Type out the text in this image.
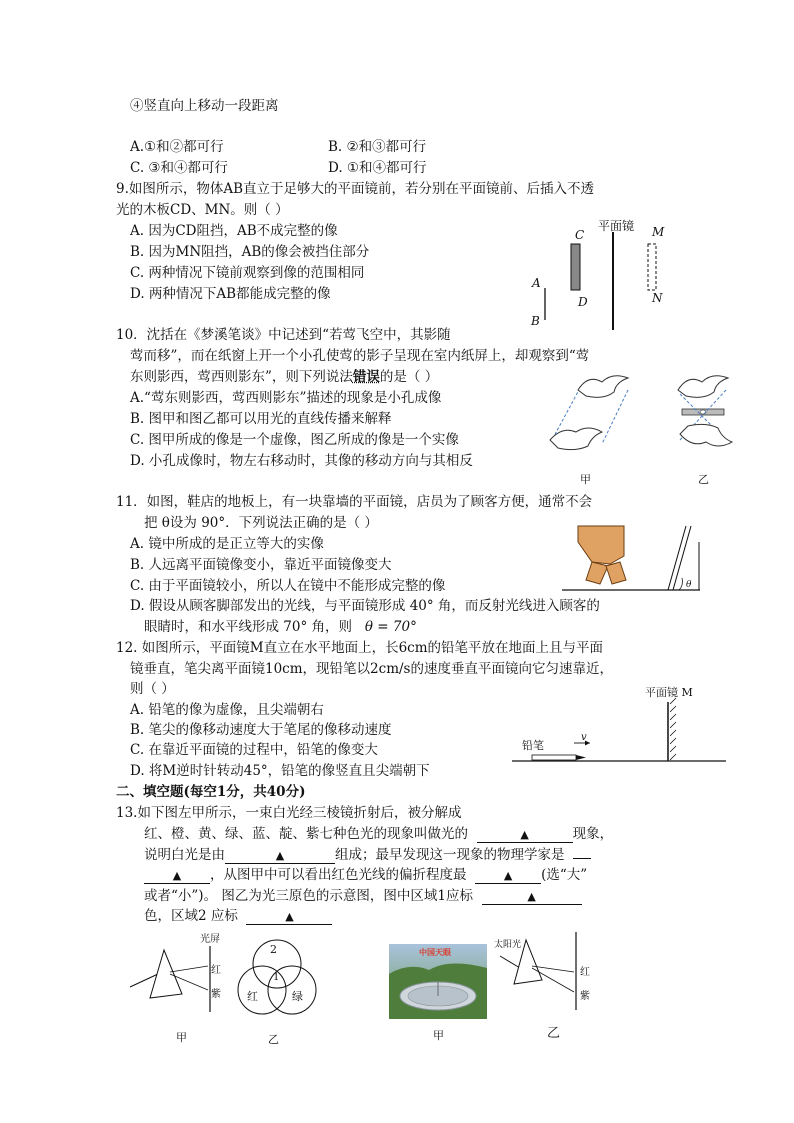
④竖直向上移动一段距离
A.①和②都可行	B. ②和③都可行
C. ③和④都可行	D. ①和④都可行
9.如图所示，物体AB直立于足够大的平面镜前，若分别在平面镜前、后插入不透
光的木板CD、MN。则（ ）
A. 因为CD阻挡，AB不成完整的像
B. 因为MN阻挡，AB的像会被挡住部分
C. 两种情况下镜前观察到像的范围相同
D. 两种情况下AB都能成完整的像
A
B
C
D
平面镜 M
N
10．沈括在《梦溪笔谈》中记述到“若莺飞空中，其影随
莺而移”，而在纸窗上开一个小孔使莺的影子呈现在室内纸屏上，却观察到“莺
东则影西，莺西则影东”，则下列说法错误的是（ ）
A.“莺东则影西，莺西则影东”描述的现象是小孔成像
B. 图甲和图乙都可以用光的直线传播来解释
C. 图甲所成的像是一个虚像，图乙所成的像是一个实像
D. 小孔成像时，物左右移动时，其像的移动方向与其相反
甲	乙
11．如图，鞋店的地板上，有一块靠墙的平面镜，店员为了顾客方便，通常不会
把 θ设为 90°．下列说法正确的是（ ）
A. 镜中所成的是正立等大的实像
B. 人远离平面镜像变小，靠近平面镜像变大
C. 由于平面镜较小，所以人在镜中不能形成完整的像
D. 假设从顾客脚部发出的光线，与平面镜形成 40° 角，而反射光线进入顾客的
眼睛时，和水平线形成 70° 角，则 θ = 70°
θ
12. 如图所示，平面镜M直立在水平地面上，长6cm的铅笔平放在地面上且与平面
镜垂直，笔尖离平面镜10cm，现铅笔以2cm/s的速度垂直平面镜向它匀速靠近，
则（ ）
A. 铅笔的像为虚像，且尖端朝右
B. 笔尖的像移动速度大于笔尾的像移动速度
C. 在靠近平面镜的过程中，铅笔的像变大
D. 将M逆时针转动45°，铅笔的像竖直且尖端朝下
平面镜 M
铅笔
v
二、填空题(每空1分，共40分)
13.如下图左甲所示，一束白光经三棱镜折射后，被分解成
红、橙、黄、绿、蓝、靛、紫七种色光的现象叫做光的	▲	现象，
说明白光是由	▲	组成；最早发现这一现象的物理学家是
▲ ，从图甲中可以看出红色光线的偏折程度最	▲ (选“大”
或者“小”)。 图乙为光三原色的示意图，图中区域1应标	▲
色，区域2 应标	▲
光屏
红
紫
甲
2
1
红	绿
乙
中国天眼
甲
太阳光
红
紫
乙
